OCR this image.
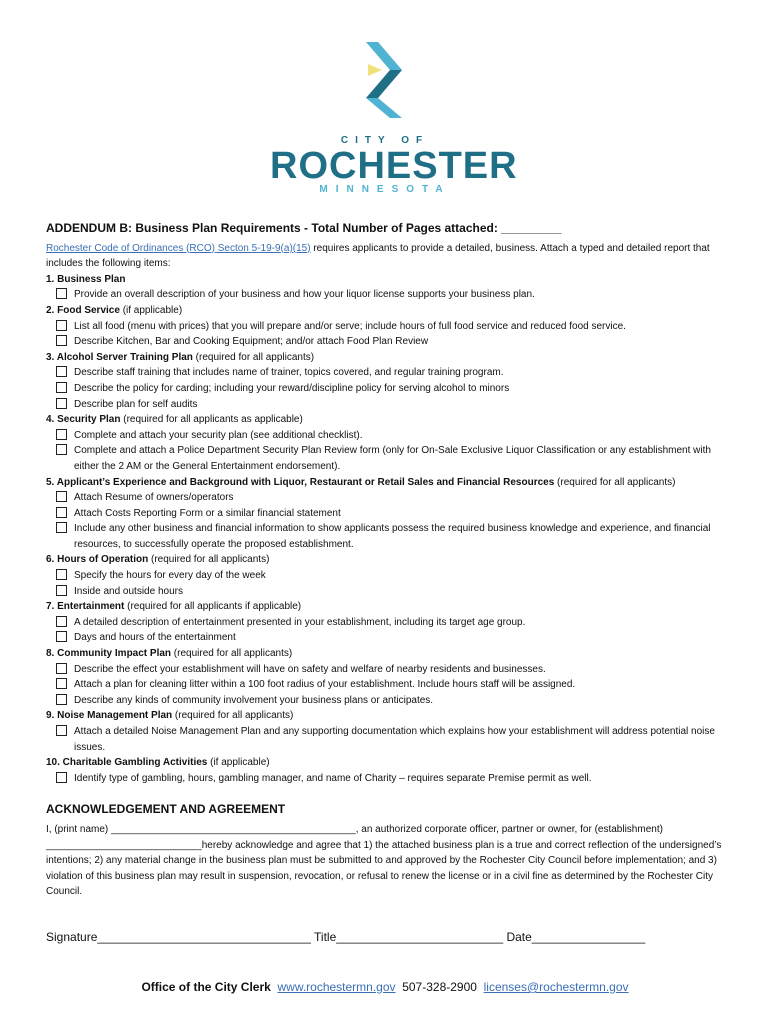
CITY OF
ROCHESTER
MINNESOTA
ADDENDUM B: Business Plan Requirements - Total Number of Pages attached: _________
Rochester Code of Ordinances (RCO) Secton 5-19-9(a)(15) requires applicants to provide a detailed, business. Attach a typed and detailed report that includes the following items:
1. Business Plan
Provide an overall description of your business and how your liquor license supports your business plan.
2. Food Service (if applicable)
List all food (menu with prices) that you will prepare and/or serve; include hours of full food service and reduced food service.
Describe Kitchen, Bar and Cooking Equipment; and/or attach Food Plan Review
3. Alcohol Server Training Plan (required for all applicants)
Describe staff training that includes name of trainer, topics covered, and regular training program.
Describe the policy for carding; including your reward/discipline policy for serving alcohol to minors
Describe plan for self audits
4. Security Plan (required for all applicants as applicable)
Complete and attach your security plan (see additional checklist).
Complete and attach a Police Department Security Plan Review form (only for On-Sale Exclusive Liquor Classification or any establishment with either the 2 AM or the General Entertainment endorsement).
5. Applicant’s Experience and Background with Liquor, Restaurant or Retail Sales and Financial Resources (required for all applicants)
Attach Resume of owners/operators
Attach Costs Reporting Form or a similar financial statement
Include any other business and financial information to show applicants possess the required business knowledge and experience, and financial resources, to successfully operate the proposed establishment.
6. Hours of Operation (required for all applicants)
Specify the hours for every day of the week
Inside and outside hours
7. Entertainment (required for all applicants if applicable)
A detailed description of entertainment presented in your establishment, including its target age group.
Days and hours of the entertainment
8. Community Impact Plan (required for all applicants)
Describe the effect your establishment will have on safety and welfare of nearby residents and businesses.
Attach a plan for cleaning litter within a 100 foot radius of your establishment. Include hours staff will be assigned.
Describe any kinds of community involvement your business plans or anticipates.
9. Noise Management Plan (required for all applicants)
Attach a detailed Noise Management Plan and any supporting documentation which explains how your establishment will address potential noise issues.
10. Charitable Gambling Activities (if applicable)
Identify type of gambling, hours, gambling manager, and name of Charity – requires separate Premise permit as well.
ACKNOWLEDGEMENT AND AGREEMENT

I, (print name) ____________________________________________, an authorized corporate officer, partner or owner, for (establishment) ____________________________hereby acknowledge and agree that 1) the attached business plan is a true and correct reflection of the undersigned’s intentions; 2) any material change in the business plan must be submitted to and approved by the Rochester City Council before implementation; and 3) violation of this business plan may result in suspension, revocation, or refusal to renew the license or in a civil fine as determined by the Rochester City Council.

Signature________________________________ Title_________________________ Date_________________
Office of the City Clerk www.rochestermn.gov 507-328-2900 licenses@rochestermn.gov
